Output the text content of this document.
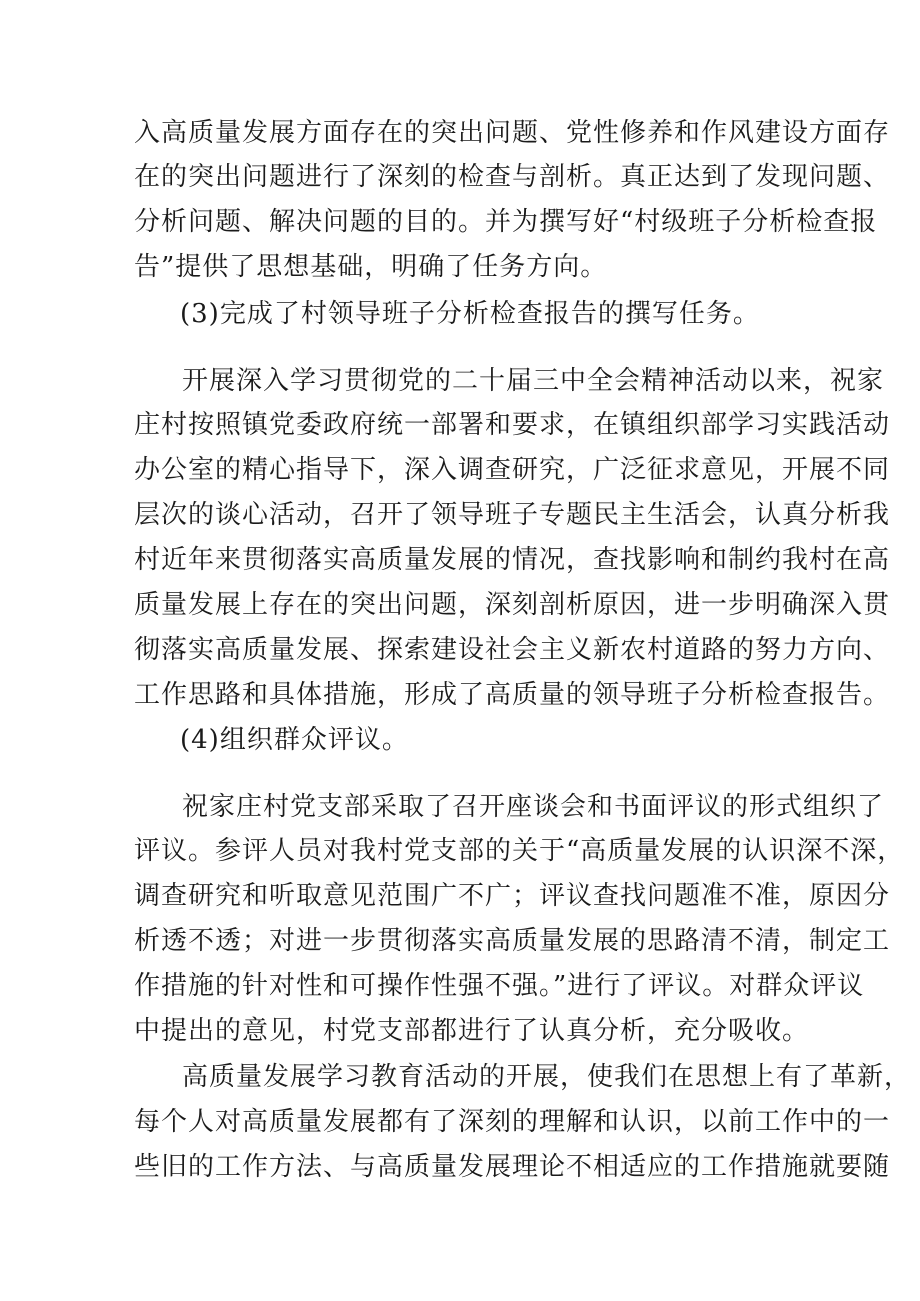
入高质量发展方面存在的突出问题、党性修养和作风建设方面存
在的突出问题进行了深刻的检查与剖析。真正达到了发现问题、
分析问题、解决问题的目的。并为撰写好“村级班子分析检查报
告”提供了思想基础，明确了任务方向。
(3)完成了村领导班子分析检查报告的撰写任务。
开展深入学习贯彻党的二十届三中全会精神活动以来，祝家
庄村按照镇党委政府统一部署和要求，在镇组织部学习实践活动
办公室的精心指导下，深入调查研究，广泛征求意见，开展不同
层次的谈心活动，召开了领导班子专题民主生活会，认真分析我
村近年来贯彻落实高质量发展的情况，查找影响和制约我村在高
质量发展上存在的突出问题，深刻剖析原因，进一步明确深入贯
彻落实高质量发展、探索建设社会主义新农村道路的努力方向、
工作思路和具体措施，形成了高质量的领导班子分析检查报告。
(4)组织群众评议。
祝家庄村党支部采取了召开座谈会和书面评议的形式组织了
评议。参评人员对我村党支部的关于“高质量发展的认识深不深，
调查研究和听取意见范围广不广；评议查找问题准不准，原因分
析透不透；对进一步贯彻落实高质量发展的思路清不清，制定工
作措施的针对性和可操作性强不强。”进行了评议。对群众评议
中提出的意见，村党支部都进行了认真分析，充分吸收。
高质量发展学习教育活动的开展，使我们在思想上有了革新，
每个人对高质量发展都有了深刻的理解和认识，以前工作中的一
些旧的工作方法、与高质量发展理论不相适应的工作措施就要随
